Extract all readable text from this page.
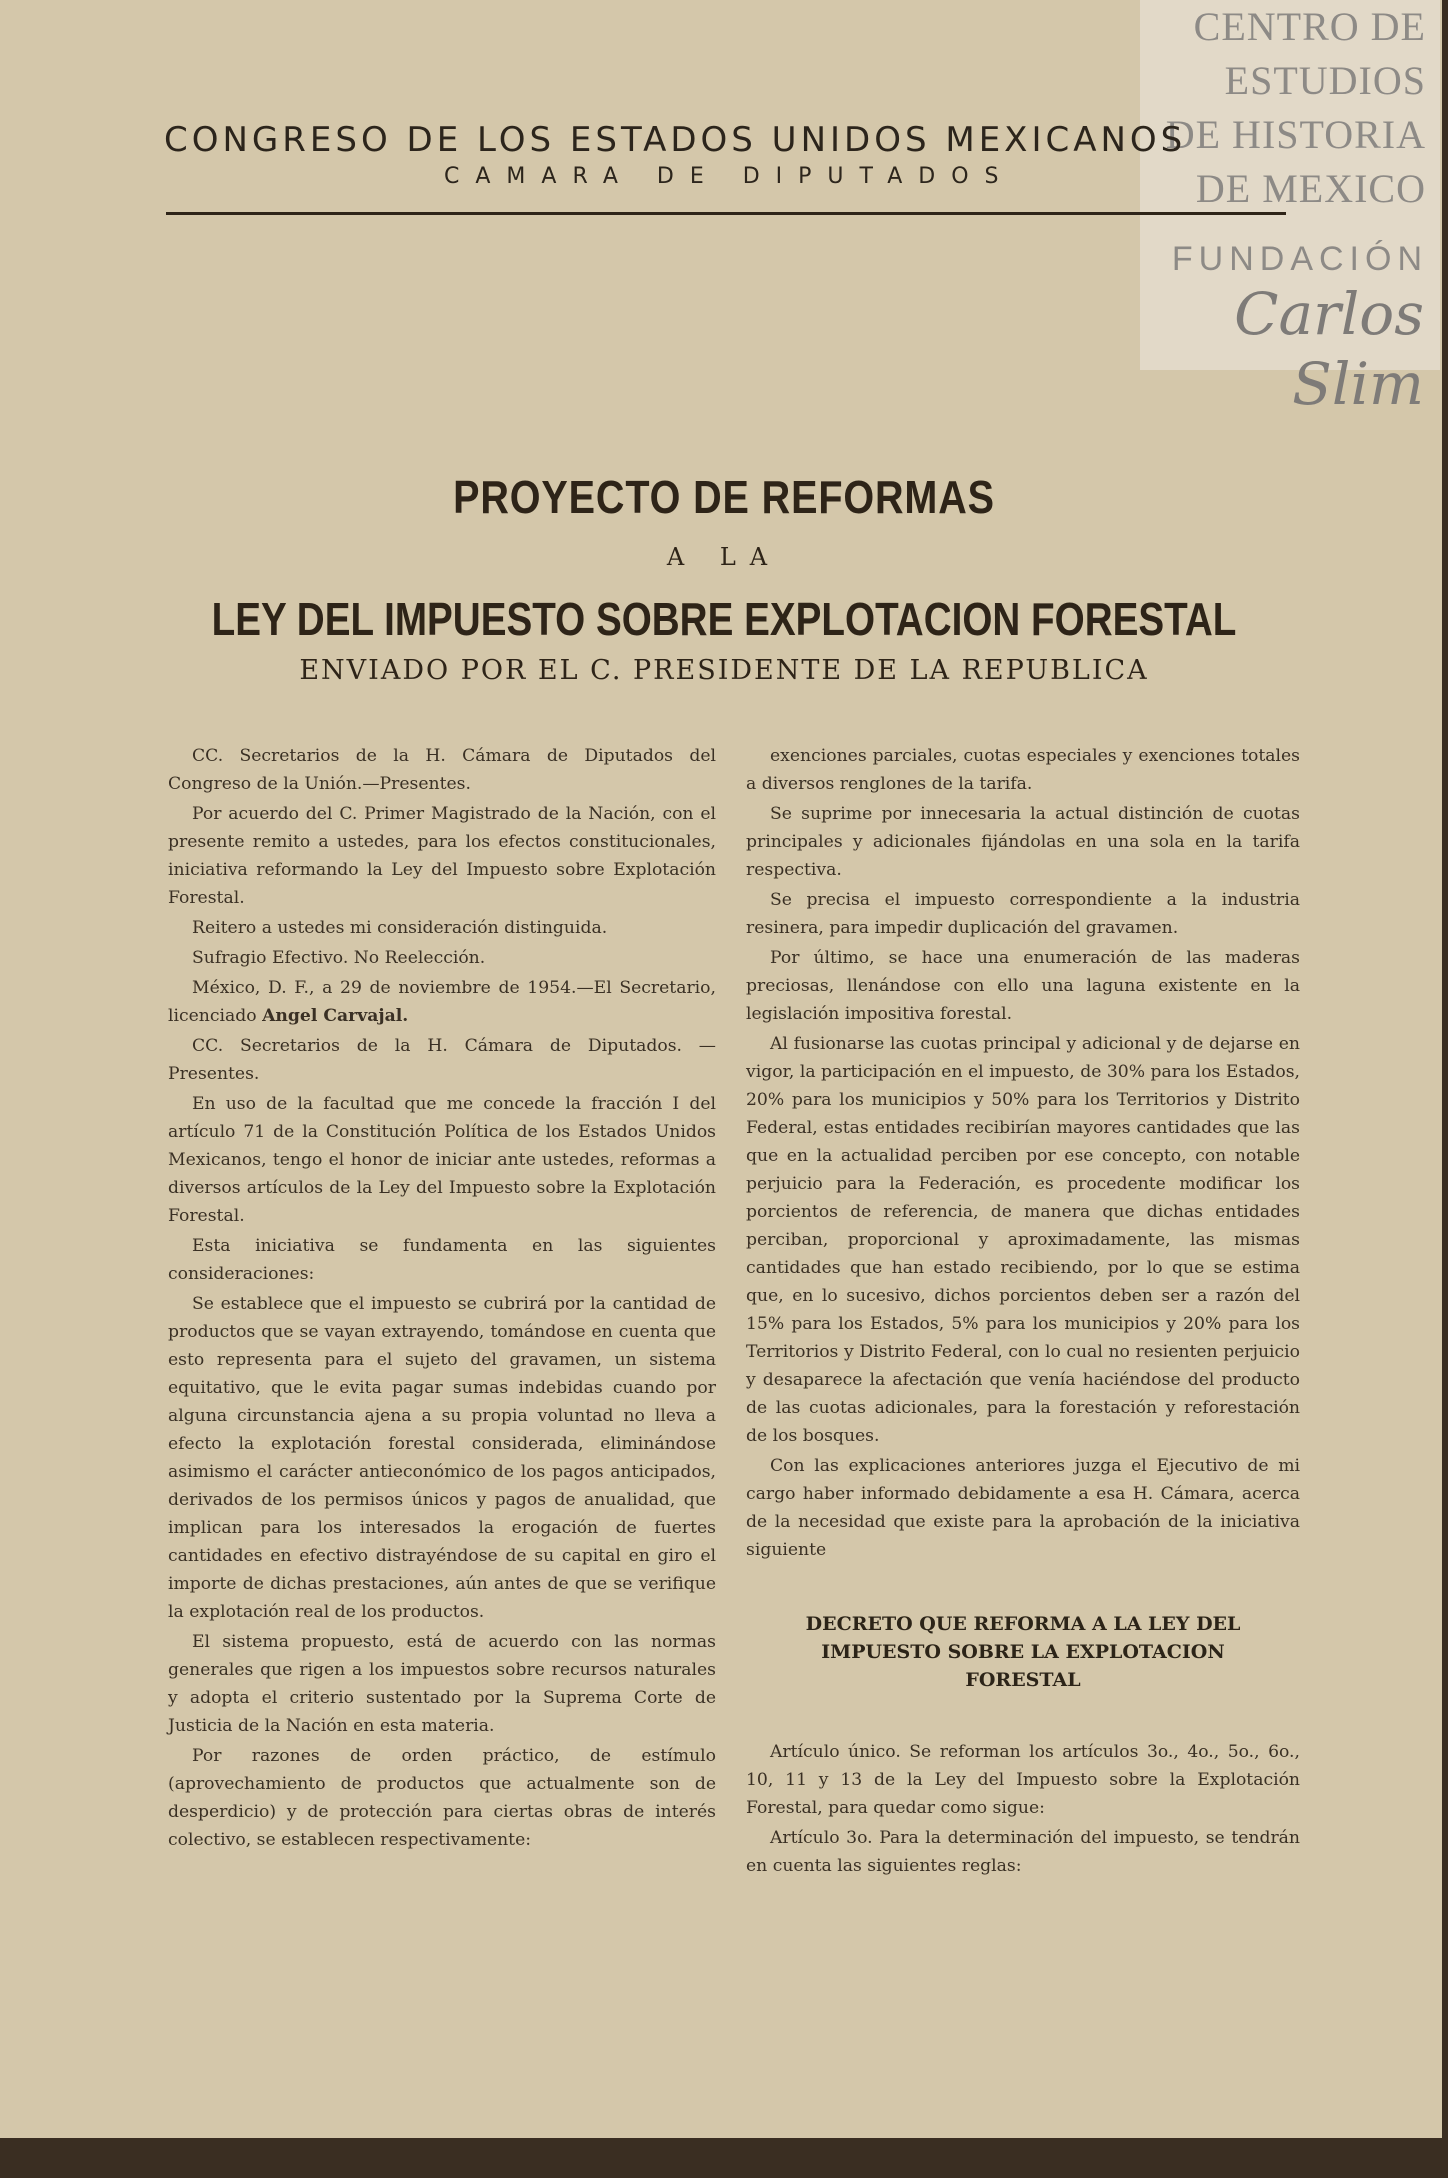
CENTRO DE
ESTUDIOS
DE HISTORIA
DE MEXICO
FUNDACIÓN
Carlos Slim
CONGRESO DE LOS ESTADOS UNIDOS MEXICANOS
CAMARA DE DIPUTADOS
PROYECTO DE REFORMAS
A LA
LEY DEL IMPUESTO SOBRE EXPLOTACION FORESTAL
ENVIADO POR EL C. PRESIDENTE DE LA REPUBLICA

CC. Secretarios de la H. Cámara de Diputados del Congreso de la Unión.—Presentes.

Por acuerdo del C. Primer Magistrado de la Nación, con el presente remito a ustedes, para los efectos constitucionales, iniciativa reformando la Ley del Impuesto sobre Explotación Forestal.

Reitero a ustedes mi consideración distinguida.

Sufragio Efectivo. No Reelección.

México, D. F., a 29 de noviembre de 1954.—El Secretario, licenciado Angel Carvajal.

CC. Secretarios de la H. Cámara de Diputados. —Presentes.

En uso de la facultad que me concede la fracción I del artículo 71 de la Constitución Política de los Estados Unidos Mexicanos, tengo el honor de iniciar ante ustedes, reformas a diversos artículos de la Ley del Impuesto sobre la Explotación Forestal.

Esta iniciativa se fundamenta en las siguientes consideraciones:

Se establece que el impuesto se cubrirá por la cantidad de productos que se vayan extrayendo, tomándose en cuenta que esto representa para el sujeto del gravamen, un sistema equitativo, que le evita pagar sumas indebidas cuando por alguna circunstancia ajena a su propia voluntad no lleva a efecto la explotación forestal considerada, eliminándose asimismo el carácter antieconómico de los pagos anticipados, derivados de los permisos únicos y pagos de anualidad, que implican para los interesados la erogación de fuertes cantidades en efectivo distrayéndose de su capital en giro el importe de dichas prestaciones, aún antes de que se verifique la explotación real de los productos.

El sistema propuesto, está de acuerdo con las normas generales que rigen a los impuestos sobre recursos naturales y adopta el criterio sustentado por la Suprema Corte de Justicia de la Nación en esta materia.

Por razones de orden práctico, de estímulo (aprovechamiento de productos que actualmente son de desperdicio) y de protección para ciertas obras de interés colectivo, se establecen respectivamente:

exenciones parciales, cuotas especiales y exenciones totales a diversos renglones de la tarifa.

Se suprime por innecesaria la actual distinción de cuotas principales y adicionales fijándolas en una sola en la tarifa respectiva.

Se precisa el impuesto correspondiente a la industria resinera, para impedir duplicación del gravamen.

Por último, se hace una enumeración de las maderas preciosas, llenándose con ello una laguna existente en la legislación impositiva forestal.

Al fusionarse las cuotas principal y adicional y de dejarse en vigor, la participación en el impuesto, de 30% para los Estados, 20% para los municipios y 50% para los Territorios y Distrito Federal, estas entidades recibirían mayores cantidades que las que en la actualidad perciben por ese concepto, con notable perjuicio para la Federación, es procedente modificar los porcientos de referencia, de manera que dichas entidades perciban, proporcional y aproximadamente, las mismas cantidades que han estado recibiendo, por lo que se estima que, en lo sucesivo, dichos porcientos deben ser a razón del 15% para los Estados, 5% para los municipios y 20% para los Territorios y Distrito Federal, con lo cual no resienten perjuicio y desaparece la afectación que venía haciéndose del producto de las cuotas adicionales, para la forestación y reforestación de los bosques.

Con las explicaciones anteriores juzga el Ejecutivo de mi cargo haber informado debidamente a esa H. Cámara, acerca de la necesidad que existe para la aprobación de la iniciativa siguiente

DECRETO QUE REFORMA A LA LEY DEL IMPUESTO SOBRE LA EXPLOTACION FORESTAL

Artículo único. Se reforman los artículos 3o., 4o., 5o., 6o., 10, 11 y 13 de la Ley del Impuesto sobre la Explotación Forestal, para quedar como sigue:

Artículo 3o. Para la determinación del impuesto, se tendrán en cuenta las siguientes reglas:
